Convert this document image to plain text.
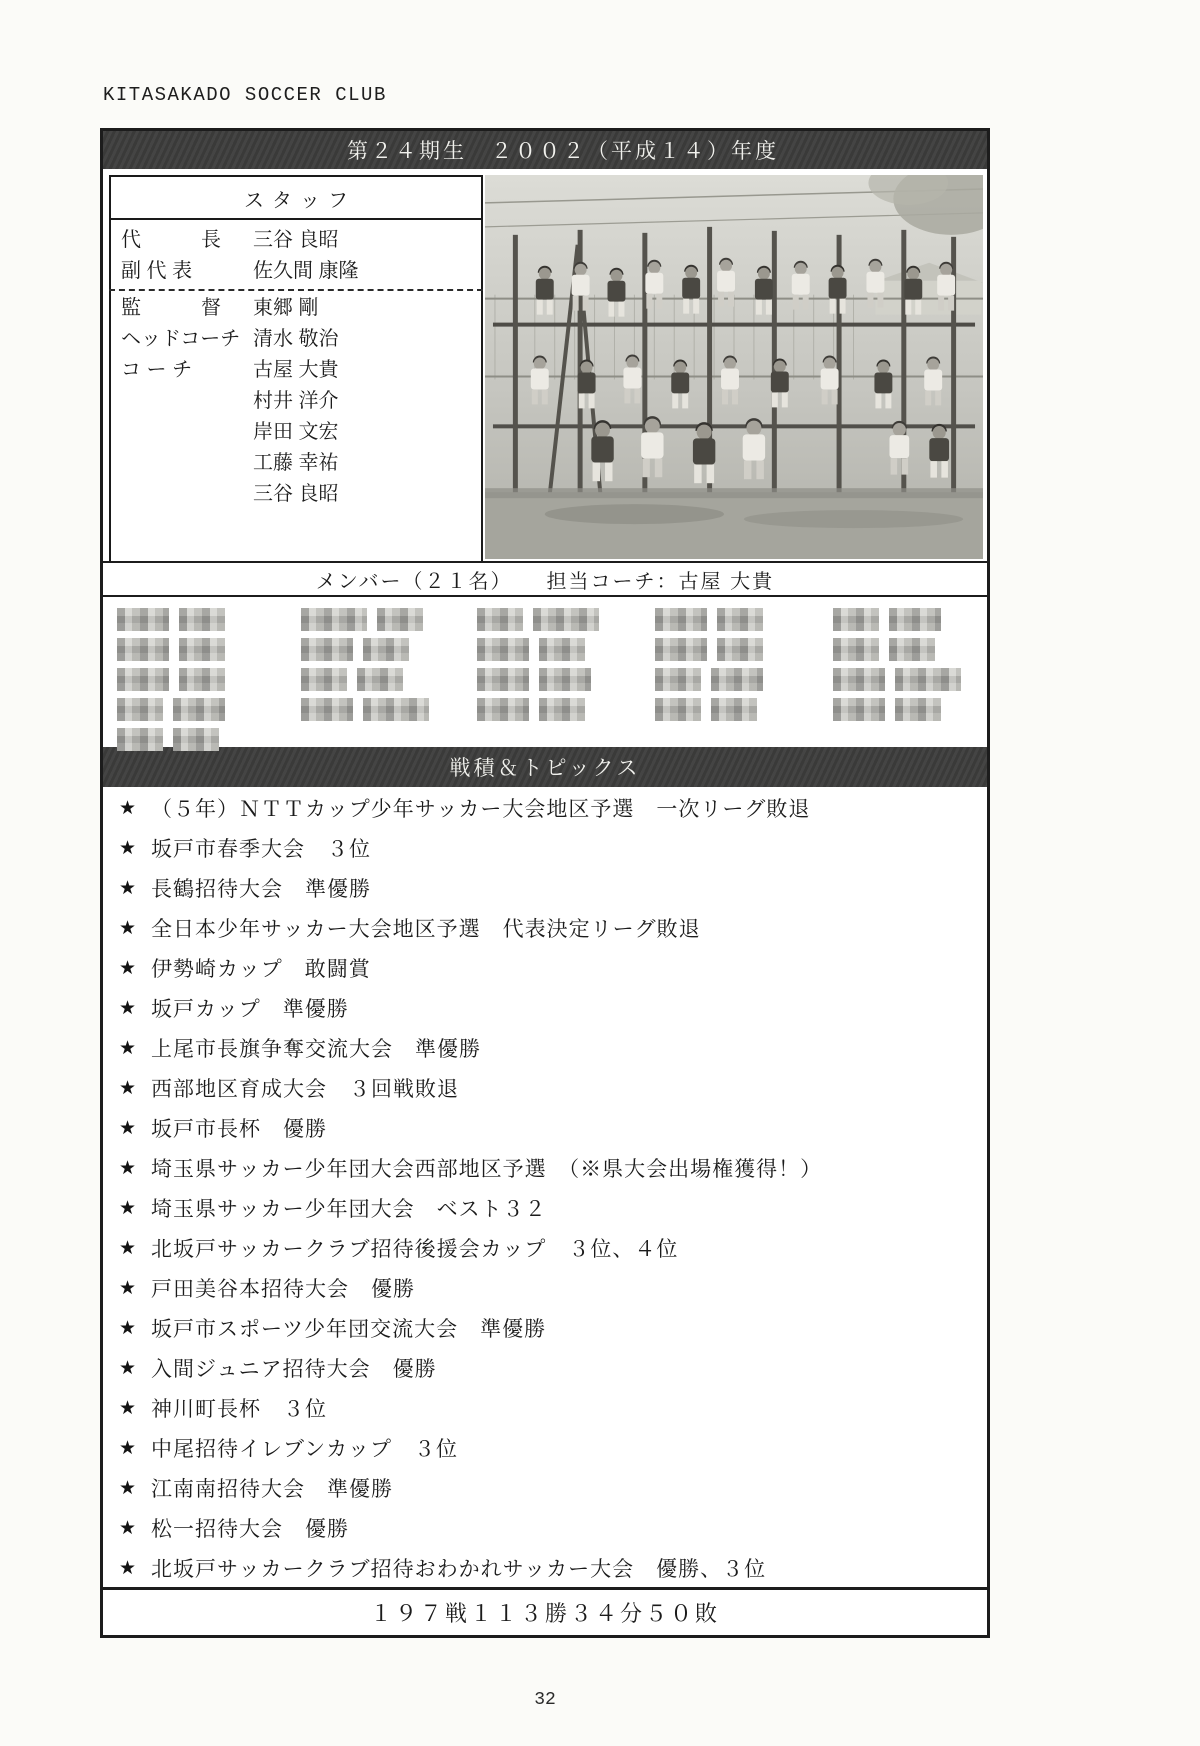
KITASAKADO SOCCER CLUB
第２４期生　２００２（平成１４）年度
スタッフ
代　　　長	三谷 良昭
副 代 表	佐久間 康隆
監　　　督	東郷 剛
ヘッドコーチ 清水 敬治
コ ー チ	古屋 大貴
村井 洋介
岸田 文宏
工藤 幸祐
三谷 良昭
メンバー（２１名）　　担当コーチ：古屋 大貴
戦積＆トピックス
★ （５年）ＮＴＴカップ少年サッカー大会地区予選　一次リーグ敗退
★ 坂戸市春季大会　３位
★ 長鶴招待大会　準優勝
★ 全日本少年サッカー大会地区予選　代表決定リーグ敗退
★ 伊勢崎カップ　敢闘賞
★ 坂戸カップ　準優勝
★ 上尾市長旗争奪交流大会　準優勝
★ 西部地区育成大会　３回戦敗退
★ 坂戸市長杯　優勝
★ 埼玉県サッカー少年団大会西部地区予選　（※県大会出場権獲得！）
★ 埼玉県サッカー少年団大会　ベスト３２
★ 北坂戸サッカークラブ招待後援会カップ　３位、４位
★ 戸田美谷本招待大会　優勝
★ 坂戸市スポーツ少年団交流大会　準優勝
★ 入間ジュニア招待大会　優勝
★ 神川町長杯　３位
★ 中尾招待イレブンカップ　３位
★ 江南南招待大会　準優勝
★ 松一招待大会　優勝
★ 北坂戸サッカークラブ招待おわかれサッカー大会　優勝、３位
１９７戦１１３勝３４分５０敗
32
